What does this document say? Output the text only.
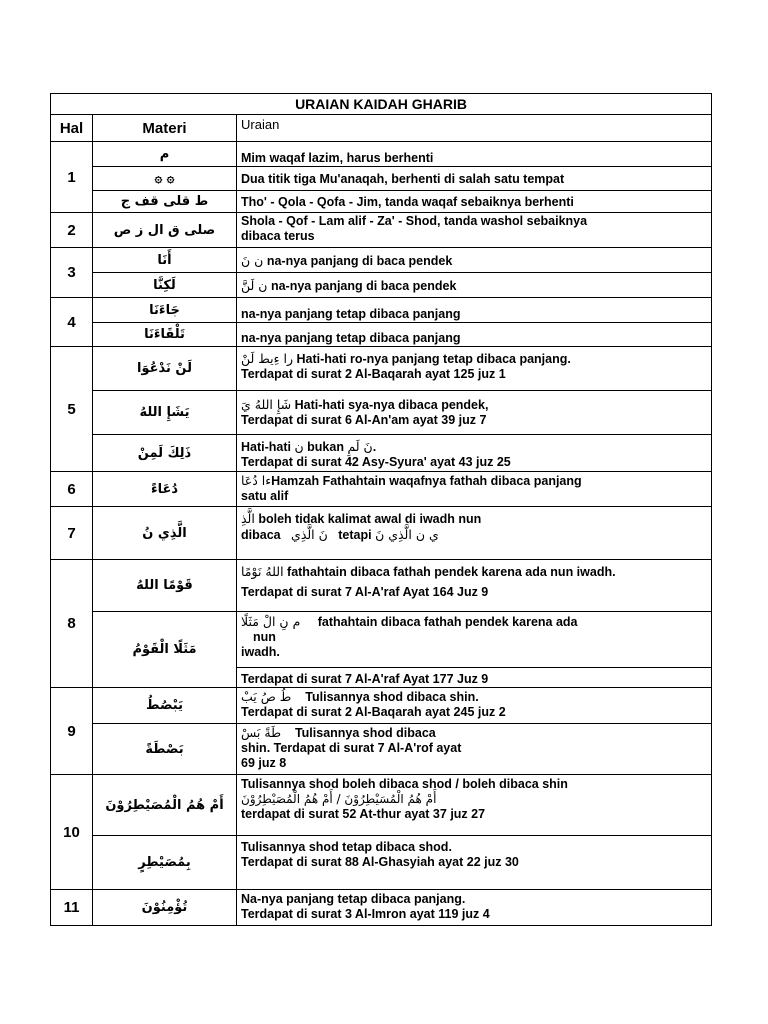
URAIAN KAIDAH GHARIB		
Hal	Materi	Uraian
1	م	Mim waqaf lazim, harus berhenti
	۞ ۞	Dua titik tiga Mu'anaqah, berhenti di salah satu tempat
	ط قلى قف ج	Tho' - Qola - Qofa - Jim, tanda waqaf sebaiknya berhenti
2	صلى ق ال ز ص	Shola - Qof - Lam alif - Za' - Shod, tanda washol sebaiknya
dibaca terus

3	أَنَا	ن نَ na-nya panjang di baca pendek
	لَكِنَّا	ن لَنَّ na-nya panjang di baca pendek
4	جَاءَنَا	na-nya panjang tetap dibaca panjang
	تَلْقَاءَنَا	na-nya panjang tetap dibaca panjang
5	لَنْ نَدْعُوَا	را ءِيط لَنْ Hati-hati ro-nya panjang tetap dibaca panjang.
Terdapat di surat 2 Al-Baqarah ayat 125 juz 1

	يَشَإِ اللهُ	شَإِ اللهُ يَ Hati-hati sya-nya dibaca pendek,
Terdapat di surat 6 Al-An'am ayat 39 juz 7

	ذَلِكَ لَمِنْ	Hati-hati ن bukan نَ لَمِ.
Terdapat di surat 42 Asy-Syura' ayat 43 juz 25

6	دُعَاءً	ءا دُعَاHamzah Fathahtain waqafnya fathah dibaca panjang
satu alif

7	الَّذِي نُ	الَّذِ boleh tidak kalimat awal di iwadh nun
dibaca نَ الَّذِي tetapi ي ن الَّذِي نَ

8	قَوْمًا اللهُ	اللهُ نَوْمًا fathahtain dibaca fathah pendek karena ada nun iwadh.
Terdapat di surat 7 Al-A'raf Ayat 164 Juz 9

	مَثَلًا الْقَوْمُ	م نِ الْ مَثَلًا fathahtain dibaca fathah pendek karena ada
nun
iwadh.

		Terdapat di surat 7 Al-A'raf Ayat 177 Juz 9
9	يَبْصُطُ	طُ صُ يَبْ Tulisannya shod dibaca shin.
Terdapat di surat 2 Al-Baqarah ayat 245 juz 2

	بَصْطَةً	طَةً بَسْ Tulisannya shod dibaca
shin. Terdapat di surat 7 Al-A'rof ayat
69 juz 8

10	أَمْ هُمُ الْمُصَيْطِرُوْنَ	Tulisannya shod boleh dibaca shod / boleh dibaca shin
أَمْ هُمُ الْمُسَيْطِرُوْنَ / أَمْ هُمُ الْمُصَيْطِرُوْنَ
terdapat di surat 52 At-thur ayat 37 juz 27

	بِمُصَيْطِرٍ	Tulisannya shod tetap dibaca shod.
Terdapat di surat 88 Al-Ghasyiah ayat 22 juz 30

11	تُؤْمِنُوْنَ	Na-nya panjang tetap dibaca panjang.
Terdapat di surat 3 Al-Imron ayat 119 juz 4
